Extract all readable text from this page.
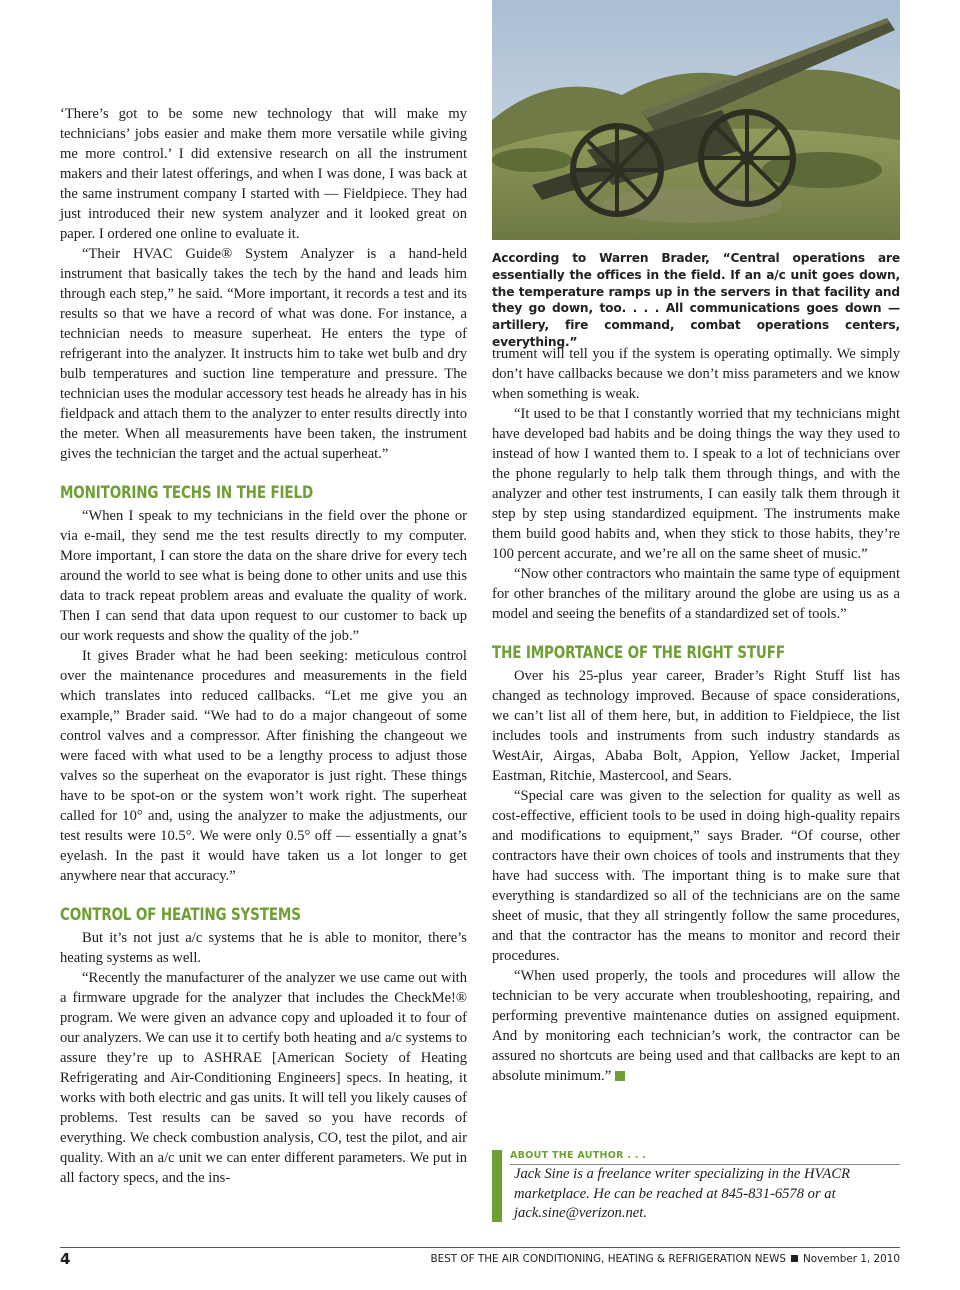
According to Warren Brader, “Central operations are essentially the offices in the field. If an a/c unit goes down, the temperature ramps up in the servers in that facility and they go down, too. . . . All communications goes down — artillery, fire command, combat operations centers, everything.”

‘There’s got to be some new technology that will make my technicians’ jobs easier and make them more versatile while giving me more control.’ I did extensive research on all the instrument makers and their latest offerings, and when I was done, I was back at the same instrument company I started with — Fieldpiece. They had just introduced their new system analyzer and it looked great on paper. I ordered one online to evaluate it.

“Their HVAC Guide® System Analyzer is a hand-held instrument that basically takes the tech by the hand and leads him through each step,” he said. “More important, it records a test and its results so that we have a record of what was done. For instance, a technician needs to measure superheat. He enters the type of refrigerant into the analyzer. It instructs him to take wet bulb and dry bulb temperatures and suction line temperature and pressure. The technician uses the modular accessory test heads he already has in his fieldpack and attach them to the analyzer to enter results directly into the meter. When all measurements have been taken, the instrument gives the technician the target and the actual superheat.”

MONITORING TECHS IN THE FIELD

“When I speak to my technicians in the field over the phone or via e-mail, they send me the test results directly to my computer. More important, I can store the data on the share drive for every tech around the world to see what is being done to other units and use this data to track repeat problem areas and evaluate the quality of work. Then I can send that data upon request to our customer to back up our work requests and show the quality of the job.”

It gives Brader what he had been seeking: meticulous control over the maintenance procedures and measurements in the field which translates into reduced callbacks. “Let me give you an example,” Brader said. “We had to do a major changeout of some control valves and a compressor. After finishing the changeout we were faced with what used to be a lengthy process to adjust those valves so the superheat on the evaporator is just right. These things have to be spot-on or the system won’t work right. The superheat called for 10° and, using the analyzer to make the adjustments, our test results were 10.5°. We were only 0.5° off — essentially a gnat’s eyelash. In the past it would have taken us a lot longer to get anywhere near that accuracy.”

CONTROL OF HEATING SYSTEMS

But it’s not just a/c systems that he is able to monitor, there’s heating systems as well.

“Recently the manufacturer of the analyzer we use came out with a firmware upgrade for the analyzer that includes the CheckMe!® program. We were given an advance copy and uploaded it to four of our analyzers. We can use it to certify both heating and a/c systems to assure they’re up to ASHRAE [American Society of Heating Refrigerating and Air-Conditioning Engineers] specs. In heating, it works with both electric and gas units. It will tell you likely causes of problems. Test results can be saved so you have records of everything. We check combustion analysis, CO, test the pilot, and air quality. With an a/c unit we can enter different parameters. We put in all factory specs, and the ins-

trument will tell you if the system is operating optimally. We simply don’t have callbacks because we don’t miss parameters and we know when something is weak.

“It used to be that I constantly worried that my technicians might have developed bad habits and be doing things the way they used to instead of how I wanted them to. I speak to a lot of technicians over the phone regularly to help talk them through things, and with the analyzer and other test instruments, I can easily talk them through it step by step using standardized equipment. The instruments make them build good habits and, when they stick to those habits, they’re 100 percent accurate, and we’re all on the same sheet of music.”

“Now other contractors who maintain the same type of equipment for other branches of the military around the globe are using us as a model and seeing the benefits of a standardized set of tools.”

THE IMPORTANCE OF THE RIGHT STUFF

Over his 25-plus year career, Brader’s Right Stuff list has changed as technology improved. Because of space considerations, we can’t list all of them here, but, in addition to Fieldpiece, the list includes tools and instruments from such industry standards as WestAir, Airgas, Ababa Bolt, Appion, Yellow Jacket, Imperial Eastman, Ritchie, Mastercool, and Sears.

“Special care was given to the selection for quality as well as cost-effective, efficient tools to be used in doing high-quality repairs and modifications to equipment,” says Brader. “Of course, other contractors have their own choices of tools and instruments that they have had success with. The important thing is to make sure that everything is standardized so all of the technicians are on the same sheet of music, that they all stringently follow the same procedures, and that the contractor has the means to monitor and record their procedures.

“When used properly, the tools and procedures will allow the technician to be very accurate when troubleshooting, repairing, and performing preventive maintenance duties on assigned equipment. And by monitoring each technician’s work, the contractor can be assured no shortcuts are being used and that callbacks are kept to an absolute minimum.”

ABOUT THE AUTHOR . . .
Jack Sine is a freelance writer specializing in the HVACR marketplace. He can be reached at 845-831-6578 or at jack.sine@verizon.net.
4	BEST OF THE AIR CONDITIONING, HEATING & REFRIGERATION NEWS November 1, 2010
